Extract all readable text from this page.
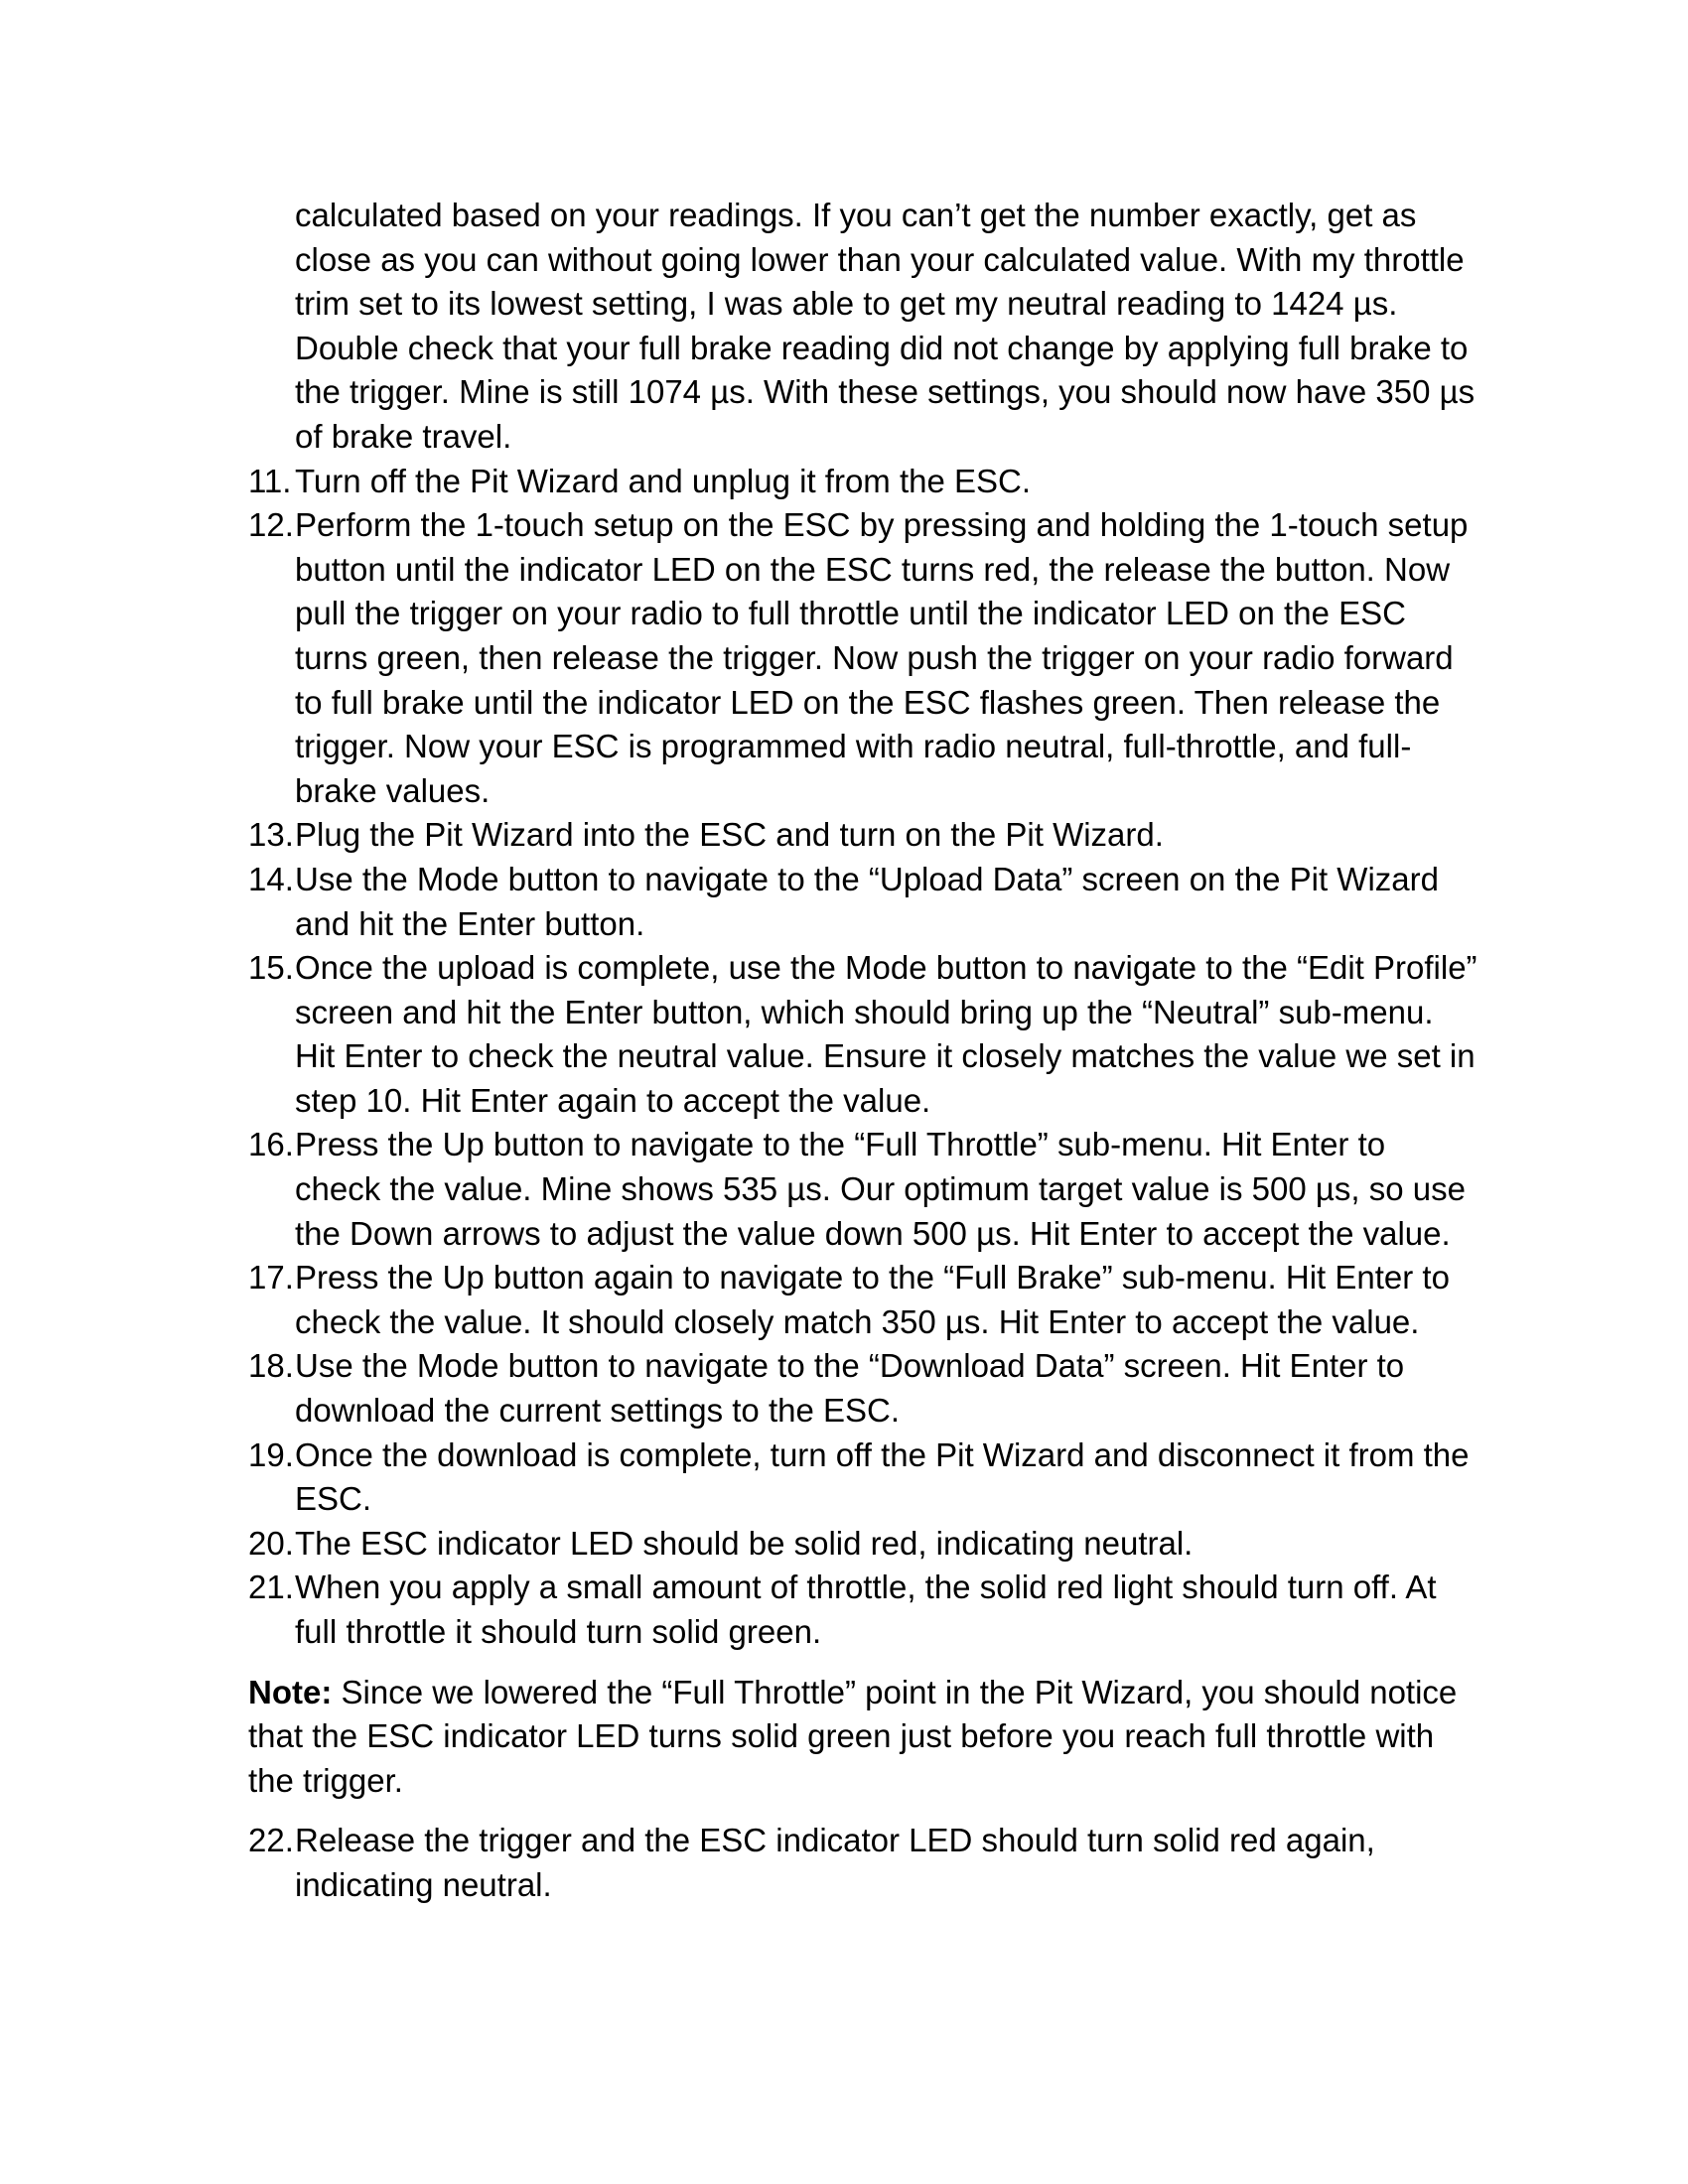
calculated based on your readings. If you can’t get the number exactly, get as close as you can without going lower than your calculated value. With my throttle trim set to its lowest setting, I was able to get my neutral reading to 1424 µs. Double check that your full brake reading did not change by applying full brake to the trigger. Mine is still 1074 µs. With these settings, you should now have 350 µs of brake travel.

11. Turn off the Pit Wizard and unplug it from the ESC.
12. Perform the 1-touch setup on the ESC by pressing and holding the 1-touch setup button until the indicator LED on the ESC turns red, the release the button. Now pull the trigger on your radio to full throttle until the indicator LED on the ESC turns green, then release the trigger. Now push the trigger on your radio forward to full brake until the indicator LED on the ESC flashes green. Then release the trigger. Now your ESC is programmed with radio neutral, full-throttle, and full-brake values.
13. Plug the Pit Wizard into the ESC and turn on the Pit Wizard.
14. Use the Mode button to navigate to the “Upload Data” screen on the Pit Wizard and hit the Enter button.
15. Once the upload is complete, use the Mode button to navigate to the “Edit Profile” screen and hit the Enter button, which should bring up the “Neutral” sub-menu. Hit Enter to check the neutral value. Ensure it closely matches the value we set in step 10. Hit Enter again to accept the value.
16. Press the Up button to navigate to the “Full Throttle” sub-menu. Hit Enter to check the value. Mine shows 535 µs. Our optimum target value is 500 µs, so use the Down arrows to adjust the value down 500 µs. Hit Enter to accept the value.
17. Press the Up button again to navigate to the “Full Brake” sub-menu. Hit Enter to check the value. It should closely match 350 µs. Hit Enter to accept the value.
18. Use the Mode button to navigate to the “Download Data” screen. Hit Enter to download the current settings to the ESC.
19. Once the download is complete, turn off the Pit Wizard and disconnect it from the ESC.
20. The ESC indicator LED should be solid red, indicating neutral.
21. When you apply a small amount of throttle, the solid red light should turn off. At full throttle it should turn solid green.

Note: Since we lowered the “Full Throttle” point in the Pit Wizard, you should notice that the ESC indicator LED turns solid green just before you reach full throttle with the trigger.

22. Release the trigger and the ESC indicator LED should turn solid red again, indicating neutral.
